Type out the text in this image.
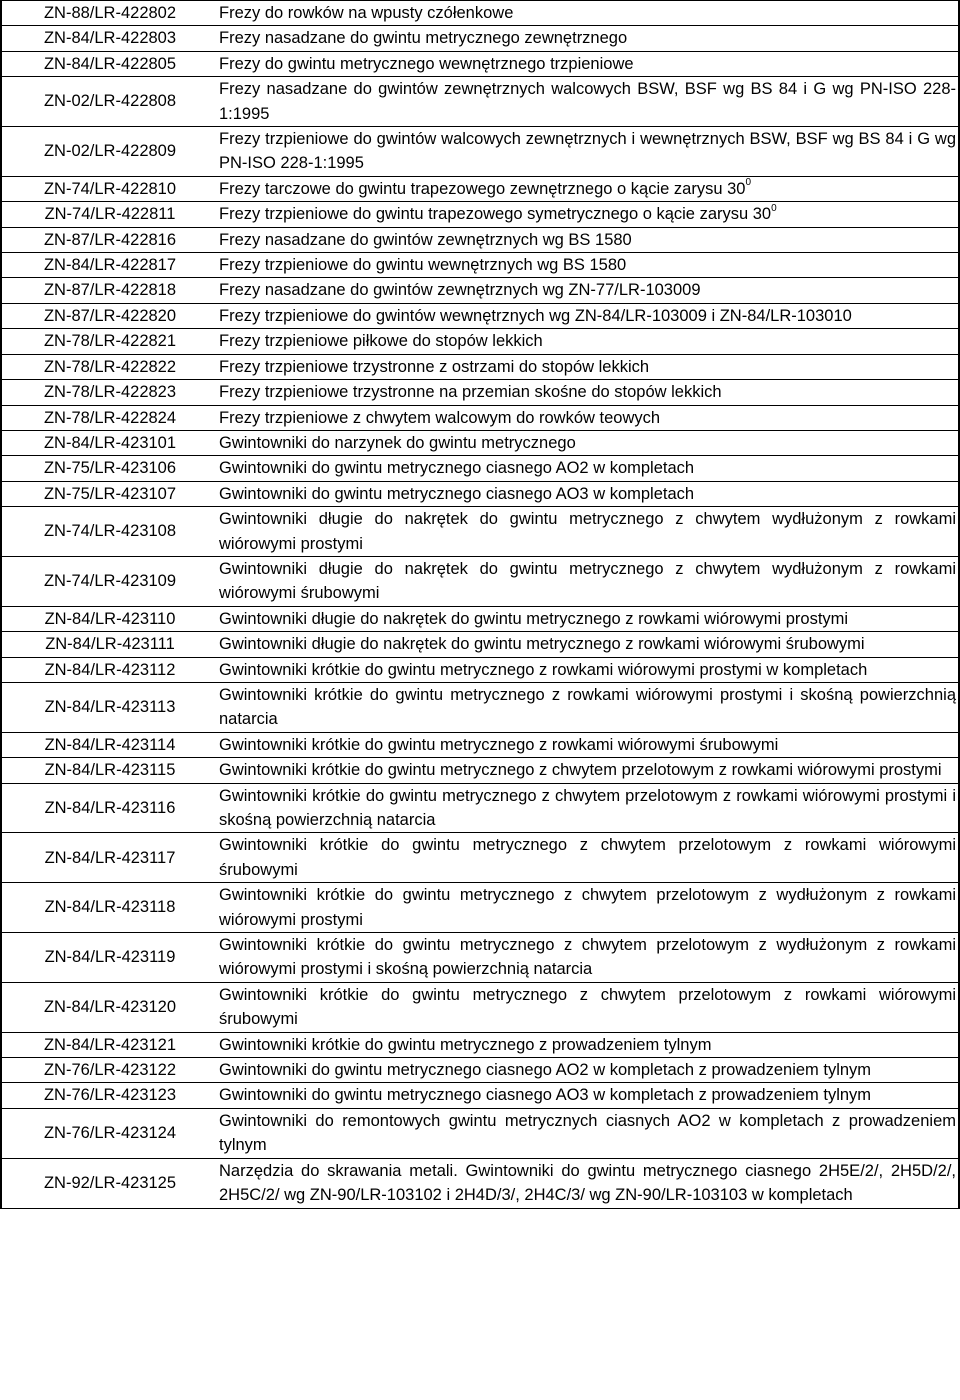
ZN-88/LR-422802	Frezy do rowków na wpusty czółenkowe
ZN-84/LR-422803	Frezy nasadzane do gwintu metrycznego zewnętrznego
ZN-84/LR-422805	Frezy do gwintu metrycznego wewnętrznego trzpieniowe
ZN-02/LR-422808	Frezy nasadzane do gwintów zewnętrznych walcowych BSW, BSF wg BS 84 i G wg PN-ISO 228-1:1995
ZN-02/LR-422809	Frezy trzpieniowe do gwintów walcowych zewnętrznych i wewnętrznych BSW, BSF wg BS 84 i G wg PN-ISO 228-1:1995
ZN-74/LR-422810	Frezy tarczowe do gwintu trapezowego zewnętrznego o kącie zarysu $30^0$
ZN-74/LR-422811	Frezy trzpieniowe do gwintu trapezowego symetrycznego o kącie zarysu $30^0$
ZN-87/LR-422816	Frezy nasadzane do gwintów zewnętrznych wg BS 1580
ZN-84/LR-422817	Frezy trzpieniowe do gwintu wewnętrznych wg BS 1580
ZN-87/LR-422818	Frezy nasadzane do gwintów zewnętrznych wg ZN-77/LR-103009
ZN-87/LR-422820	Frezy trzpieniowe do gwintów wewnętrznych wg ZN-84/LR-103009 i ZN-84/LR-103010
ZN-78/LR-422821	Frezy trzpieniowe piłkowe do stopów lekkich
ZN-78/LR-422822	Frezy trzpieniowe trzystronne z ostrzami do stopów lekkich
ZN-78/LR-422823	Frezy trzpieniowe trzystronne na przemian skośne do stopów lekkich
ZN-78/LR-422824	Frezy trzpieniowe z chwytem walcowym do rowków teowych
ZN-84/LR-423101	Gwintowniki do narzynek do gwintu metrycznego
ZN-75/LR-423106	Gwintowniki do gwintu metrycznego ciasnego AO2 w kompletach
ZN-75/LR-423107	Gwintowniki do gwintu metrycznego ciasnego AO3 w kompletach
ZN-74/LR-423108	Gwintowniki długie do nakrętek do gwintu metrycznego z chwytem wydłużonym z rowkami wiórowymi prostymi
ZN-74/LR-423109	Gwintowniki długie do nakrętek do gwintu metrycznego z chwytem wydłużonym z rowkami wiórowymi śrubowymi
ZN-84/LR-423110	Gwintowniki długie do nakrętek do gwintu metrycznego z rowkami wiórowymi prostymi
ZN-84/LR-423111	Gwintowniki długie do nakrętek do gwintu metrycznego z rowkami wiórowymi śrubowymi
ZN-84/LR-423112	Gwintowniki krótkie do gwintu metrycznego z rowkami wiórowymi prostymi w kompletach
ZN-84/LR-423113	Gwintowniki krótkie do gwintu metrycznego z rowkami wiórowymi prostymi i skośną powierzchnią natarcia
ZN-84/LR-423114	Gwintowniki krótkie do gwintu metrycznego z rowkami wiórowymi śrubowymi
ZN-84/LR-423115	Gwintowniki krótkie do gwintu metrycznego z chwytem przelotowym z rowkami wiórowymi prostymi
ZN-84/LR-423116	Gwintowniki krótkie do gwintu metrycznego z chwytem przelotowym z rowkami wiórowymi prostymi i skośną powierzchnią natarcia
ZN-84/LR-423117	Gwintowniki krótkie do gwintu metrycznego z chwytem przelotowym z rowkami wiórowymi śrubowymi
ZN-84/LR-423118	Gwintowniki krótkie do gwintu metrycznego z chwytem przelotowym z wydłużonym z rowkami wiórowymi prostymi
ZN-84/LR-423119	Gwintowniki krótkie do gwintu metrycznego z chwytem przelotowym z wydłużonym z rowkami wiórowymi prostymi i skośną powierzchnią natarcia
ZN-84/LR-423120	Gwintowniki krótkie do gwintu metrycznego z chwytem przelotowym z rowkami wiórowymi śrubowymi
ZN-84/LR-423121	Gwintowniki krótkie do gwintu metrycznego z prowadzeniem tylnym
ZN-76/LR-423122	Gwintowniki do gwintu metrycznego ciasnego AO2 w kompletach z prowadzeniem tylnym
ZN-76/LR-423123	Gwintowniki do gwintu metrycznego ciasnego AO3 w kompletach z prowadzeniem tylnym
ZN-76/LR-423124	Gwintowniki do remontowych gwintu metrycznych ciasnych AO2 w kompletach z prowadzeniem tylnym
ZN-92/LR-423125	Narzędzia do skrawania metali. Gwintowniki do gwintu metrycznego ciasnego 2H5E/2/, 2H5D/2/, 2H5C/2/ wg ZN-90/LR-103102 i 2H4D/3/, 2H4C/3/ wg ZN-90/LR-103103 w kompletach
